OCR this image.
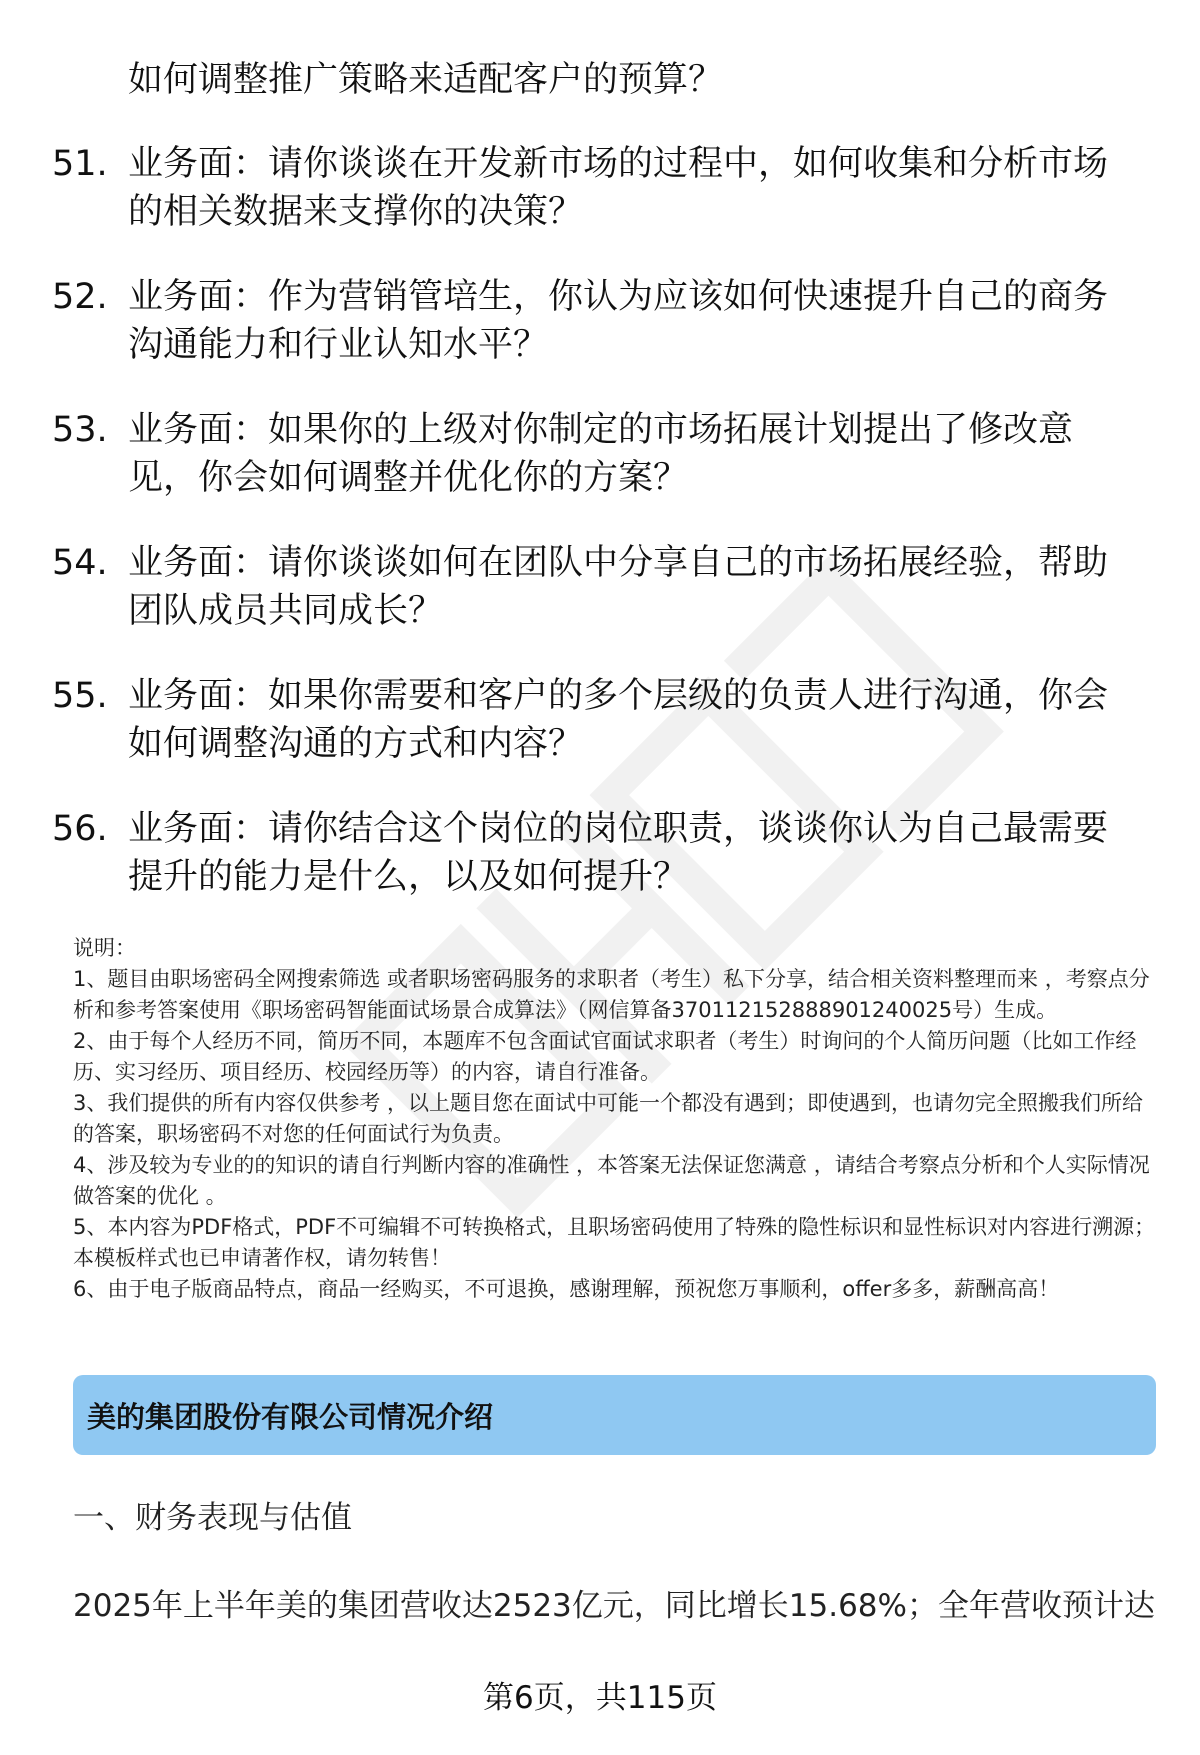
如何调整推广策略来适配客户的预算？
51. 业务面：请你谈谈在开发新市场的过程中，如何收集和分析市场的相关数据来支撑你的决策？
52. 业务面：作为营销管培生，你认为应该如何快速提升自己的商务沟通能力和行业认知水平？
53. 业务面：如果你的上级对你制定的市场拓展计划提出了修改意见，你会如何调整并优化你的方案？
54. 业务面：请你谈谈如何在团队中分享自己的市场拓展经验，帮助团队成员共同成长？
55. 业务面：如果你需要和客户的多个层级的负责人进行沟通，你会如何调整沟通的方式和内容？
56. 业务面：请你结合这个岗位的岗位职责，谈谈你认为自己最需要提升的能力是什么，以及如何提升？

说明：

1、题目由职场密码全网搜索筛选 或者职场密码服务的求职者（考生）私下分享，结合相关资料整理而来 ，考察点分析和参考答案使用《职场密码智能面试场景合成算法》（网信算备370112152888901240025号）生成。

2、由于每个人经历不同，简历不同，本题库不包含面试官面试求职者（考生）时询问的个人简历问题（比如工作经历、实习经历、项目经历、校园经历等）的内容，请自行准备。

3、我们提供的所有内容仅供参考 ，以上题目您在面试中可能一个都没有遇到；即使遇到，也请勿完全照搬我们所给的答案，职场密码不对您的任何面试行为负责。

4、涉及较为专业的的知识的请自行判断内容的准确性 ，本答案无法保证您满意 ，请结合考察点分析和个人实际情况做答案的优化 。

5、本内容为PDF格式，PDF不可编辑不可转换格式，且职场密码使用了特殊的隐性标识和显性标识对内容进行溯源；本模板样式也已申请著作权，请勿转售！

6、由于电子版商品特点，商品一经购买，不可退换，感谢理解，预祝您万事顺利，offer多多，薪酬高高！

美的集团股份有限公司情况介绍
一、财务表现与估值
2025年上半年美的集团营收达2523亿元，同比增长15.68%；全年营收预计达
第6页，共115页
